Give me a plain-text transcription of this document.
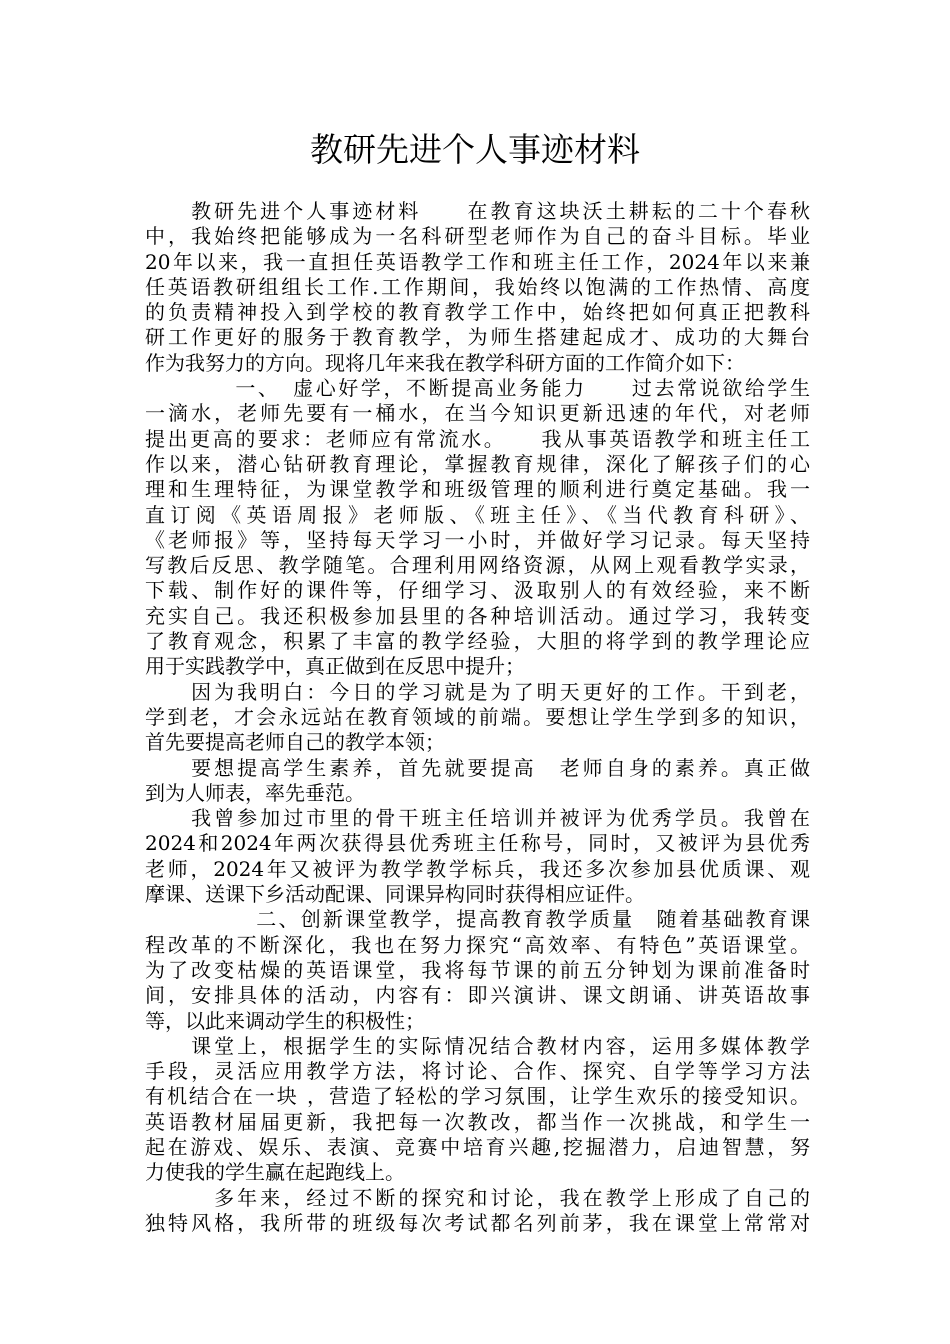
教研先进个人事迹材料
　　教研先进个人事迹材料　　在教育这块沃土耕耘的二十个春秋
中，我始终把能够成为一名科研型老师作为自己的奋斗目标。毕业
20年以来，我一直担任英语教学工作和班主任工作，2024年以来兼
任英语教研组组长工作.工作期间，我始终以饱满的工作热情、高度
的负责精神投入到学校的教育教学工作中，始终把如何真正把教科
研工作更好的服务于教育教学，为师生搭建起成才、成功的大舞台
作为我努力的方向。现将几年来我在教学科研方面的工作简介如下：
　　　　一、　虚心好学，不断提高业务能力　　过去常说欲给学生
一滴水，老师先要有一桶水，在当今知识更新迅速的年代，对老师
提出更高的要求：老师应有常流水。　　我从事英语教学和班主任工
作以来，潜心钻研教育理论，掌握教育规律，深化了解孩子们的心
理和生理特征，为课堂教学和班级管理的顺利进行奠定基础。我一
直订阅《英语周报》老师版、《班主任》、《当代教育科研》、
《老师报》等，坚持每天学习一小时，并做好学习记录。每天坚持
写教后反思、教学随笔。合理利用网络资源，从网上观看教学实录，
下载、制作好的课件等，仔细学习、汲取别人的有效经验，来不断
充实自己。我还积极参加县里的各种培训活动。通过学习，我转变
了教育观念，积累了丰富的教学经验，大胆的将学到的教学理论应
用于实践教学中，真正做到在反思中提升；
　　因为我明白：今日的学习就是为了明天更好的工作。干到老，
学到老，才会永远站在教育领域的前端。要想让学生学到多的知识，
首先要提高老师自己的教学本领；
　　要想提高学生素养，首先就要提高　老师自身的素养。真正做
到为人师表，率先垂范。
　　我曾参加过市里的骨干班主任培训并被评为优秀学员。我曾在
2024和2024年两次获得县优秀班主任称号，同时，又被评为县优秀
老师，2024年又被评为教学教学标兵，我还多次参加县优质课、观
摩课、送课下乡活动配课、同课异构同时获得相应证件。
　　　　　二、创新课堂教学，提高教育教学质量　随着基础教育课
程改革的不断深化，我也在努力探究“高效率、有特色”英语课堂。
为了改变枯燥的英语课堂，我将每节课的前五分钟划为课前准备时
间，安排具体的活动，内容有：即兴演讲、课文朗诵、讲英语故事
等，以此来调动学生的积极性；
　　课堂上，根据学生的实际情况结合教材内容，运用多媒体教学
手段，灵活应用教学方法，将讨论、合作、探究、自学等学习方法
有机结合在一块 ，营造了轻松的学习氛围，让学生欢乐的接受知识。
英语教材届届更新，我把每一次教改，都当作一次挑战，和学生一
起在游戏、娱乐、表演、竞赛中培育兴趣,挖掘潜力，启迪智慧，努
力使我的学生赢在起跑线上。
　　　多年来，经过不断的探究和讨论，我在教学上形成了自己的
独特风格，我所带的班级每次考试都名列前茅，我在课堂上常常对
